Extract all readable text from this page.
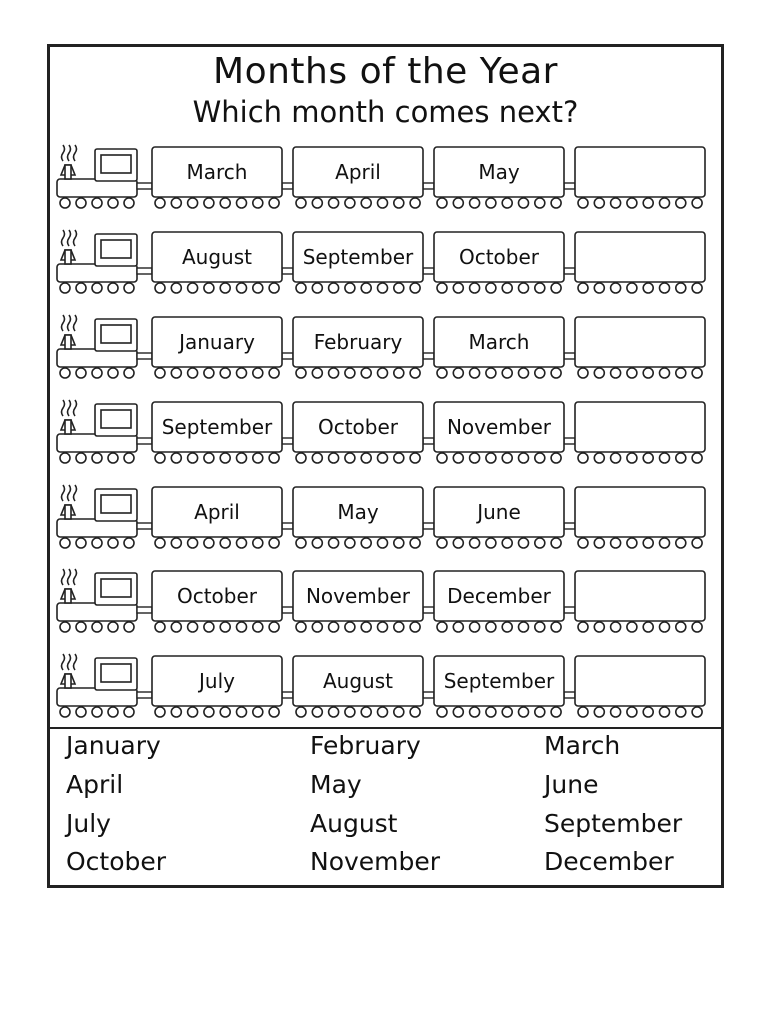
Months of the Year
Which month comes next?
March	April	May
August	September	October
January	February	March
September	October	November
April	May	June
October	November	December
July	August	September
January	February	March
April	May	June
July	August	September
October	November	December
